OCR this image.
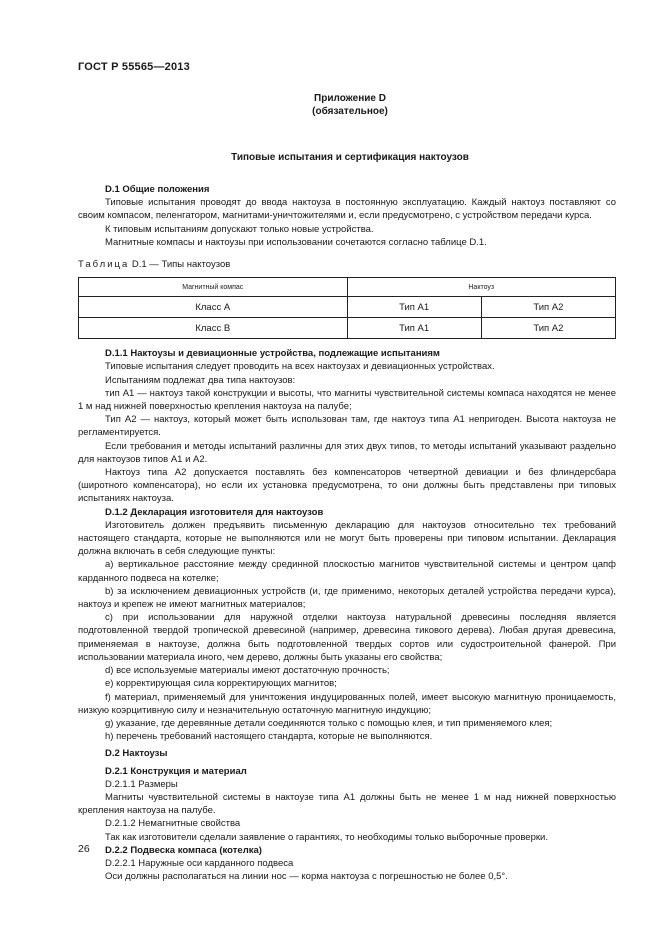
ГОСТ Р 55565—2013
Приложение D
(обязательное)
Типовые испытания и сертификация нактоузов

D.1 Общие положения

Типовые испытания проводят до ввода нактоуза в постоянную эксплуатацию. Каждый нактоуз поставляют со своим компасом, пеленгатором, магнитами-уничтожителями и, если предусмотрено, с устройством передачи курса.

К типовым испытаниям допускают только новые устройства.

Магнитные компасы и нактоузы при использовании сочетаются согласно таблице D.1.

Таблица D.1 — Типы нактоузов

Магнитный компас	Нактоуз	
Класс А	Тип А1	Тип А2
Класс В	Тип А1	Тип А2

D.1.1 Нактоузы и девиационные устройства, подлежащие испытаниям

Типовые испытания следует проводить на всех нактоузах и девиационных устройствах.

Испытаниям подлежат два типа нактоузов:

тип А1 — нактоуз такой конструкции и высоты, что магниты чувствительной системы компаса находятся не менее 1 м над нижней поверхностью крепления нактоуза на палубе;

Тип А2 — нактоуз, который может быть использован там, где нактоуз типа А1 непригоден. Высота нактоуза не регламентируется.

Если требования и методы испытаний различны для этих двух типов, то методы испытаний указывают раздельно для нактоузов типов А1 и А2.

Нактоуз типа А2 допускается поставлять без компенсаторов четвертной девиации и без флиндерсбара (широтного компенсатора), но если их установка предусмотрена, то они должны быть представлены при типовых испытаниях нактоуза.

D.1.2 Декларация изготовителя для нактоузов

Изготовитель должен предъявить письменную декларацию для нактоузов относительно тех требований настоящего стандарта, которые не выполняются или не могут быть проверены при типовом испытании. Декларация должна включать в себя следующие пункты:

а) вертикальное расстояние между срединной плоскостью магнитов чувствительной системы и центром цапф карданного подвеса на котелке;

b) за исключением девиационных устройств (и, где применимо, некоторых деталей устройства передачи курса), нактоуз и крепеж не имеют магнитных материалов;

c) при использовании для наружной отделки нактоуза натуральной древесины последняя является подготовленной твердой тропической древесиной (например, древесина тикового дерева). Любая другая древесина, применяемая в нактоузе, должна быть подготовленной твердых сортов или судостроительной фанерой. При использовании материала иного, чем дерево, должны быть указаны его свойства;

d) все используемые материалы имеют достаточную прочность;

e) корректирующая сила корректирующих магнитов;

f) материал, применяемый для уничтожения индуцированных полей, имеет высокую магнитную проницаемость, низкую коэрцитивную силу и незначительную остаточную магнитную индукцию;

g) указание, где деревянные детали соединяются только с помощью клея, и тип применяемого клея;

h) перечень требований настоящего стандарта, которые не выполняются.

D.2 Нактоузы

D.2.1 Конструкция и материал

D.2.1.1 Размеры

Магниты чувствительной системы в нактоузе типа А1 должны быть не менее 1 м над нижней поверхностью крепления нактоуза на палубе.

D.2.1.2 Немагнитные свойства

Так как изготовители сделали заявление о гарантиях, то необходимы только выборочные проверки.

D.2.2 Подвеска компаса (котелка)

D.2.2.1 Наружные оси карданного подвеса

Оси должны располагаться на линии нос — корма нактоуза с погрешностью не более 0,5°.

26
